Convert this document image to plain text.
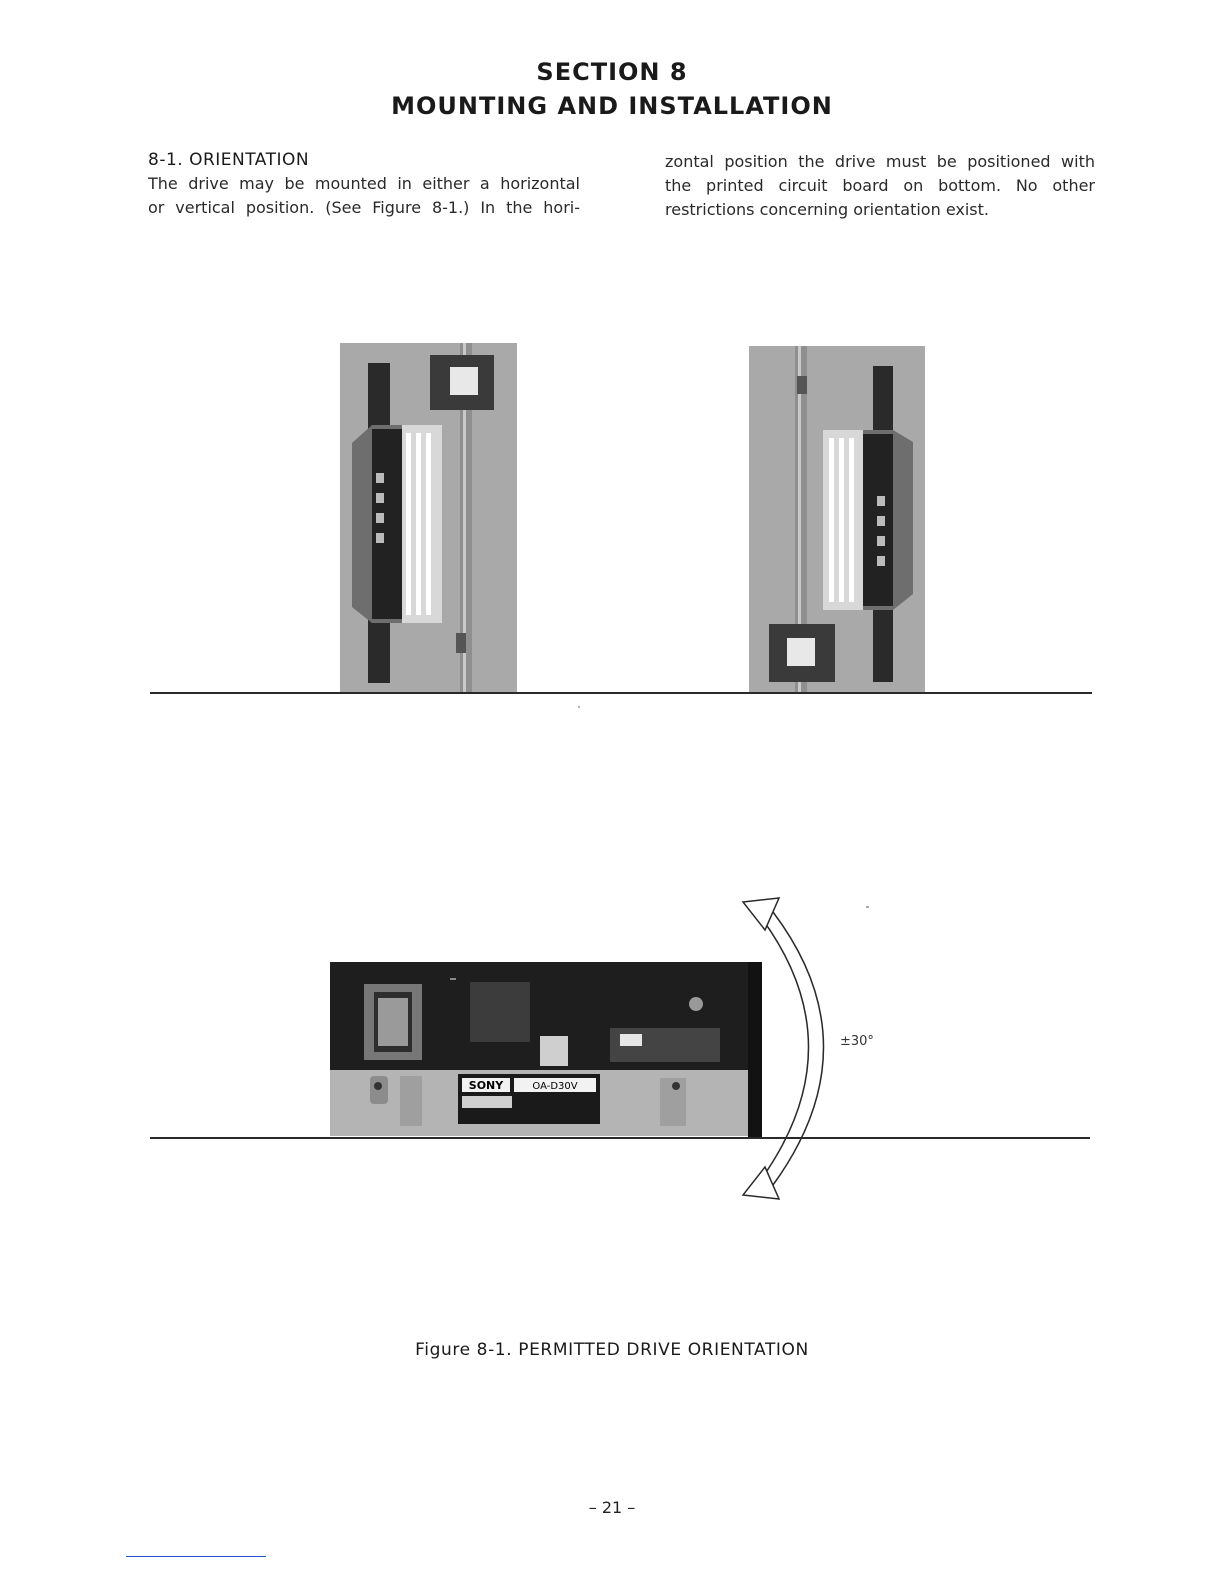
SECTION 8
MOUNTING AND INSTALLATION

8-1. ORIENTATION

The drive may be mounted in either a horizontal

or vertical position. (See Figure 8-1.) In the hori-

zontal position the drive must be positioned with

the printed circuit board on bottom. No other

restrictions concerning orientation exist.

SONY	OA-D30V
±30°
Figure 8-1. PERMITTED DRIVE ORIENTATION
– 21 –
